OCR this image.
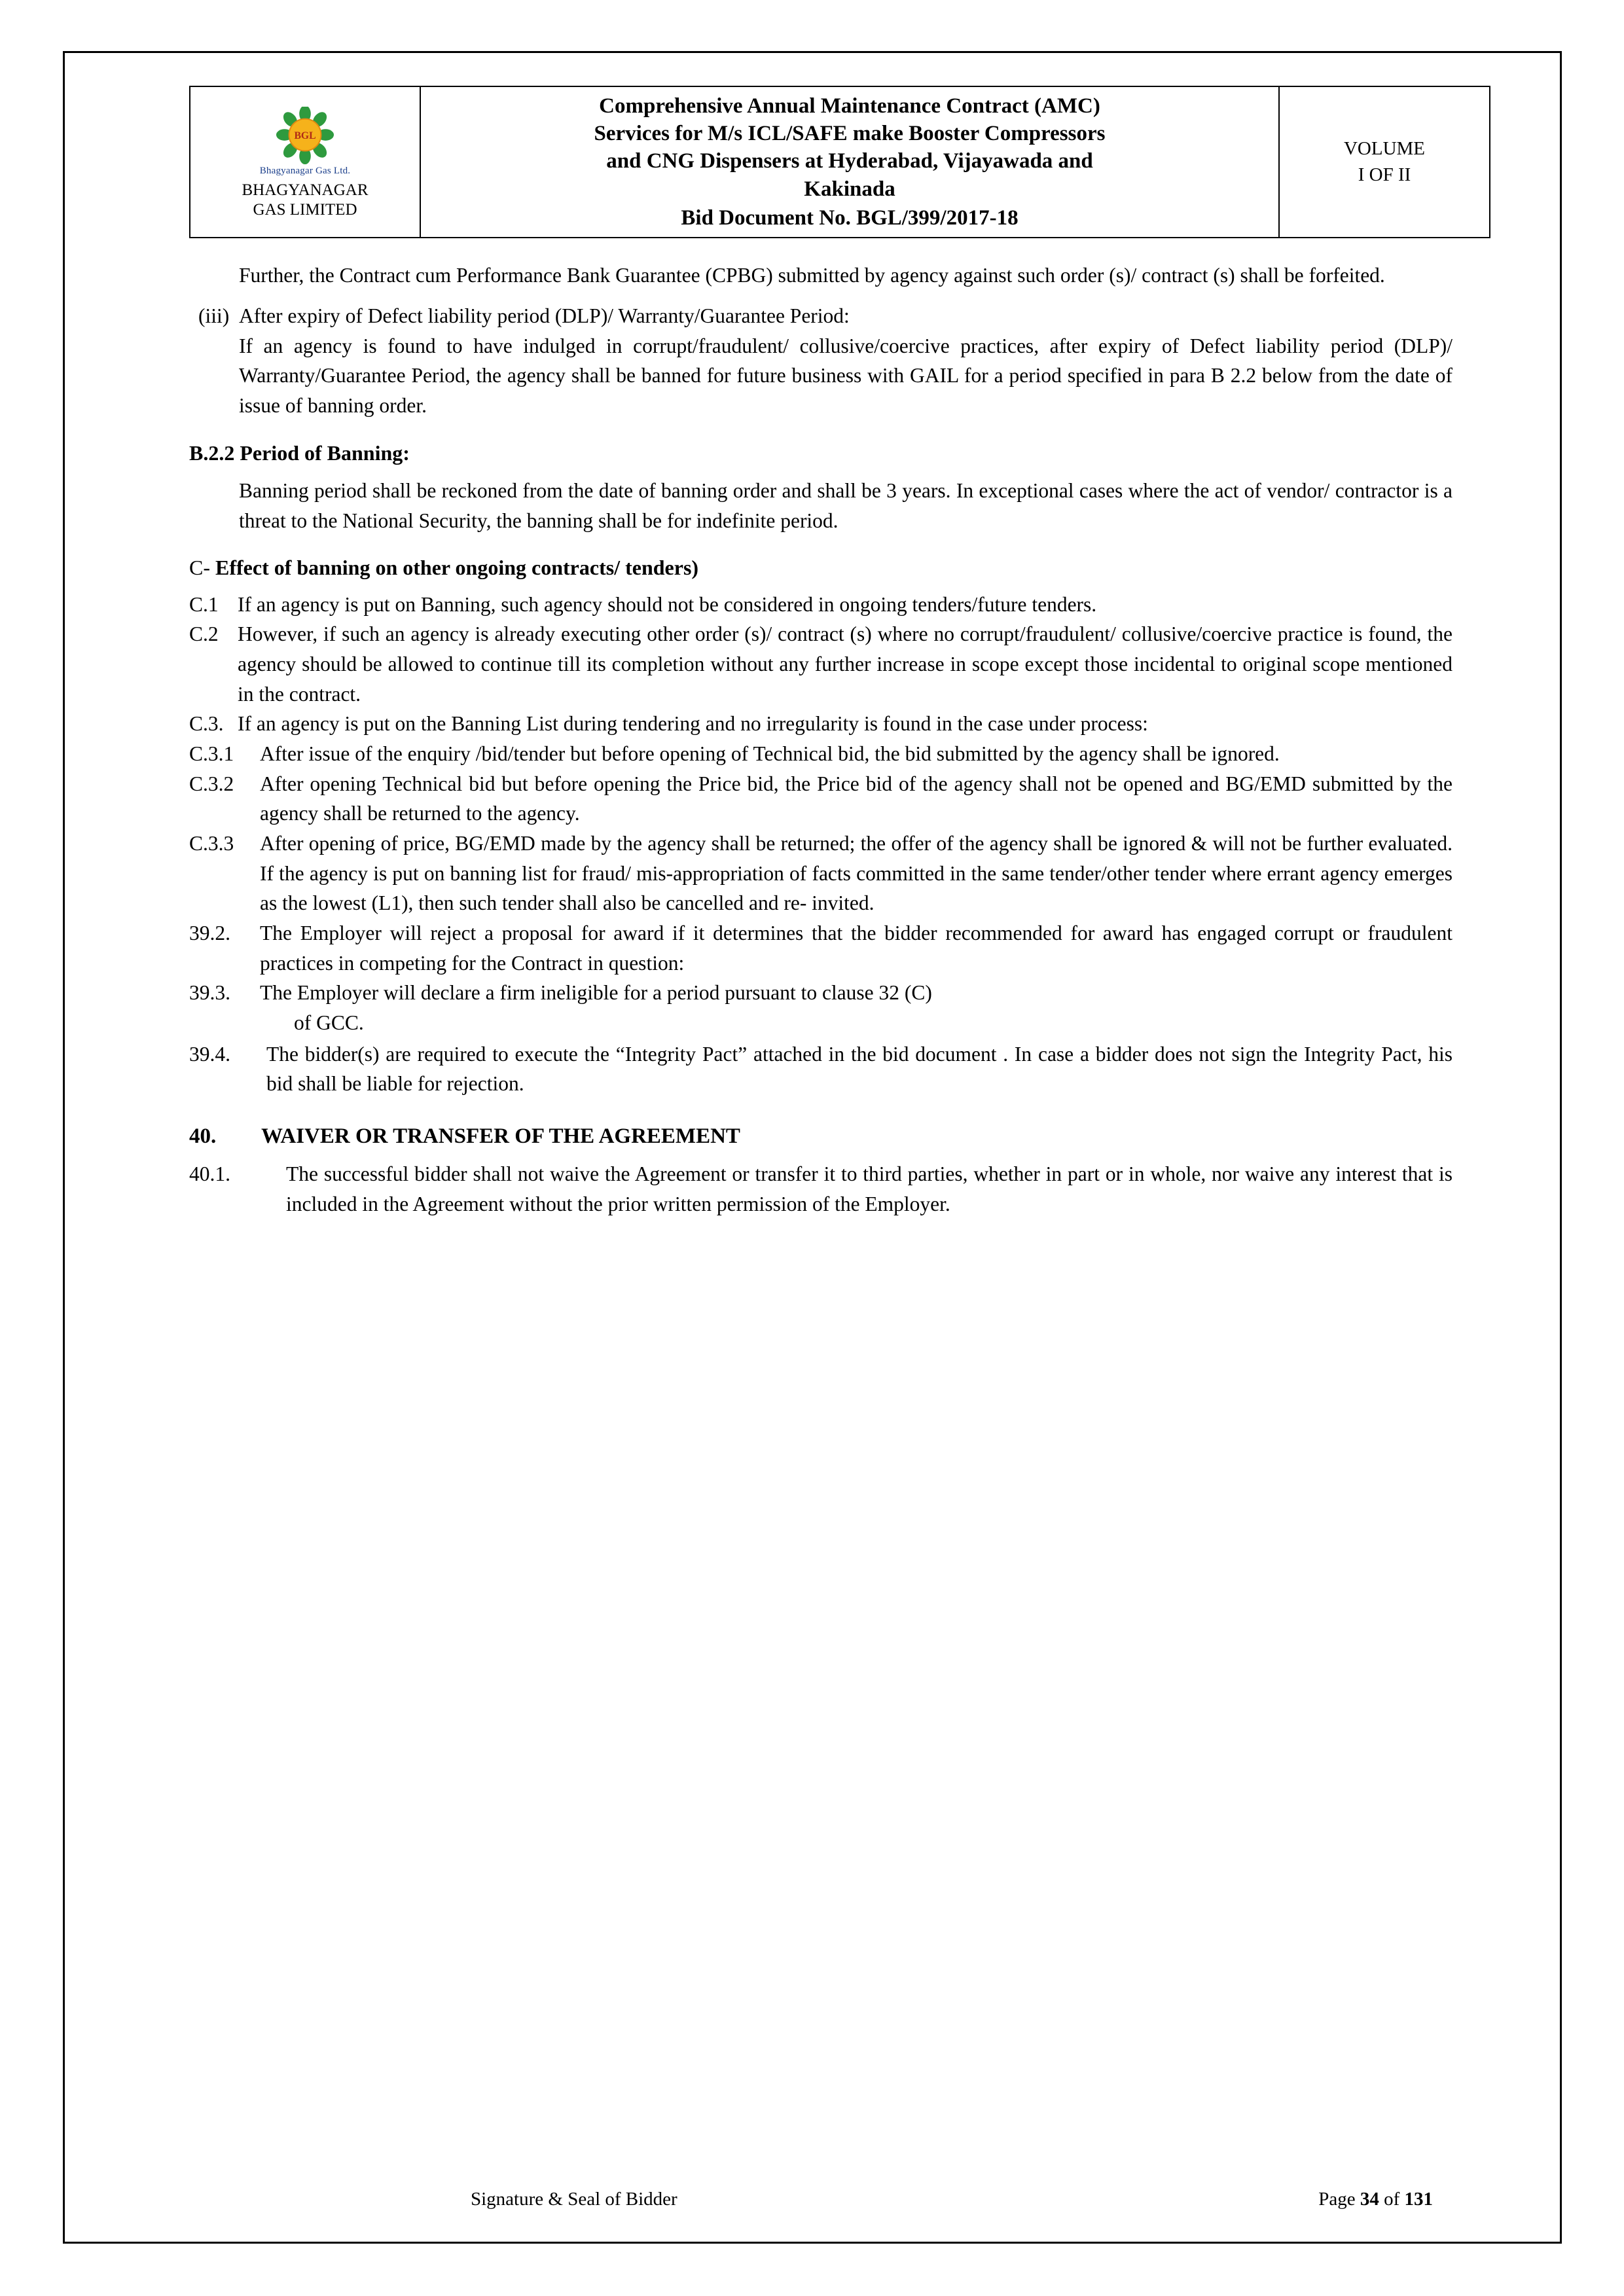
BGL
Bhagyanagar Gas Ltd.
BHAGYANAGAR
GAS LIMITED

Comprehensive Annual Maintenance Contract (AMC)
Services for M/s ICL/SAFE make Booster Compressors
and CNG Dispensers at Hyderabad, Vijayawada and
Kakinada
Bid Document No. BGL/399/2017-18

VOLUME
I OF II

Further, the Contract cum Performance Bank Guarantee (CPBG) submitted by agency against such order (s)/ contract (s) shall be forfeited.

(iii) After expiry of Defect liability period (DLP)/ Warranty/Guarantee Period:

If an agency is found to have indulged in corrupt/fraudulent/ collusive/coercive practices, after expiry of Defect liability period (DLP)/ Warranty/Guarantee Period, the agency shall be banned for future business with GAIL for a period specified in para B 2.2 below from the date of issue of banning order.

B.2.2 Period of Banning:

Banning period shall be reckoned from the date of banning order and shall be 3 years. In exceptional cases where the act of vendor/ contractor is a threat to the National Security, the banning shall be for indefinite period.

C- Effect of banning on other ongoing contracts/ tenders)

C.1 If an agency is put on Banning, such agency should not be considered in ongoing tenders/future tenders.
C.2 However, if such an agency is already executing other order (s)/ contract (s) where no corrupt/fraudulent/ collusive/coercive practice is found, the agency should be allowed to continue till its completion without any further increase in scope except those incidental to original scope mentioned in the contract.
C.3. If an agency is put on the Banning List during tendering and no irregularity is found in the case under process:
C.3.1	After issue of the enquiry /bid/tender but before opening of Technical bid, the bid submitted by the agency shall be ignored.
C.3.2	After opening Technical bid but before opening the Price bid, the Price bid of the agency shall not be opened and BG/EMD submitted by the agency shall be returned to the agency.
C.3.3	After opening of price, BG/EMD made by the agency shall be returned; the offer of the agency shall be ignored & will not be further evaluated. If the agency is put on banning list for fraud/ mis-appropriation of facts committed in the same tender/other tender where errant agency emerges as the lowest (L1), then such tender shall also be cancelled and re- invited.
39.2.	The Employer will reject a proposal for award if it determines that the bidder recommended for award has engaged corrupt or fraudulent practices in competing for the Contract in question:
39.3.	The Employer will declare a firm ineligible for a period pursuant to clause 32 (C)

of GCC.

39.4.	The bidder(s) are required to execute the “Integrity Pact” attached in the bid document . In case a bidder does not sign the Integrity Pact, his bid shall be liable for rejection.
40.	WAIVER OR TRANSFER OF THE AGREEMENT
40.1.	The successful bidder shall not waive the Agreement or transfer it to third parties, whether in part or in whole, nor waive any interest that is included in the Agreement without the prior written permission of the Employer.
Signature & Seal of Bidder	Page 34 of 131
